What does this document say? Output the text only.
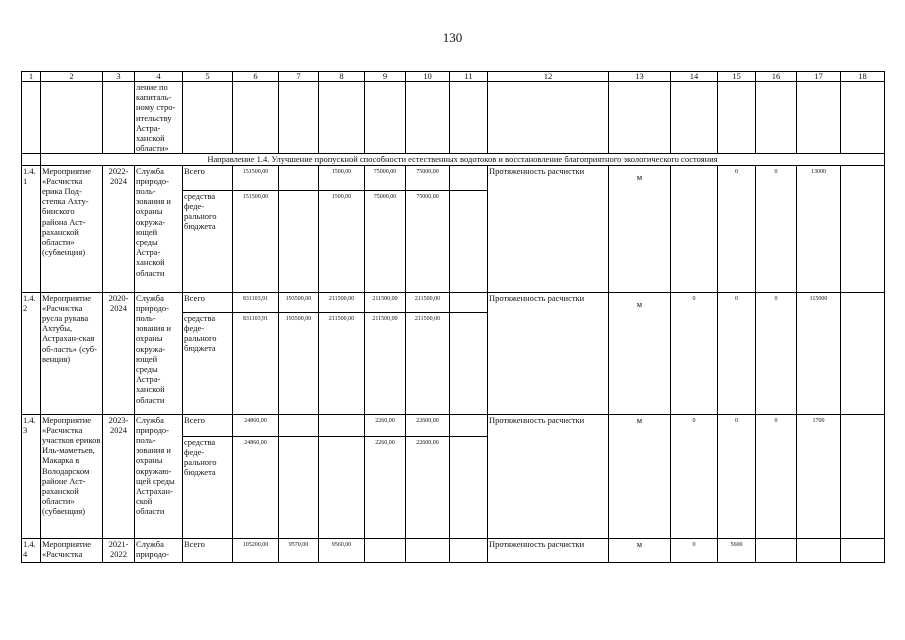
130
1	2	3	4	5	6	7	8	9	10	11	12	13	14	15	16	17	18
			ление по капиталь-ному стро-ительству Астра-ханской области»														
	Направление 1.4. Улучшение пропускной способности естественных водотоков и восстановление благоприятного экологического состояния																
1.4.1	Мероприятие «Расчистка ерика Под-степка Ахту-бинского района Аст-раханской области» (субвенция)	2022-2024	Служба природо-поль-зования и охраны окружа-ющей среды Астра-ханской области	Всего	151500,00		1500,00	75000,00	75000,00		Протяженность расчистки	м		0	0	13000	
				средства феде-рального бюджета	151500,00		1500,00	75000,00	75000,00								
1.4.2	Мероприятие «Расчистка русла рукава Ахтубы, Астрахан-ская об-ласть» (суб-венция)	2020-2024	Служба природо-поль-зования и охраны окружа-ющей среды Астра-ханской области	Всего	831103,91	193500,00	211500,00	211500,00	211500,00		Протяженность расчистки	м	0	0	0	115000	
				средства феде-рального бюджета	831103,91	193500,00	211500,00	211500,00	211500,00								
1.4.3	Мероприятие «Расчистка участков ериков Иль-маметьев, Макарка в Володарском районе Аст-раханской области» (субвенция)	2023-2024	Служба природо-поль-зования и охраны окружаю-щей среды Астрахан-ской области	Всего	24860,00			2260,00	22600,00		Протяженность расчистки	м	0	0	0	1700	
				средства феде-рального бюджета	24860,00			2260,00	22600,00								
1.4.4	Мероприятие «Расчистка	2021-2022	Служба природо-	Всего	105200,00	9570,00	9560,00				Протяженность расчистки	м	0	5600			
